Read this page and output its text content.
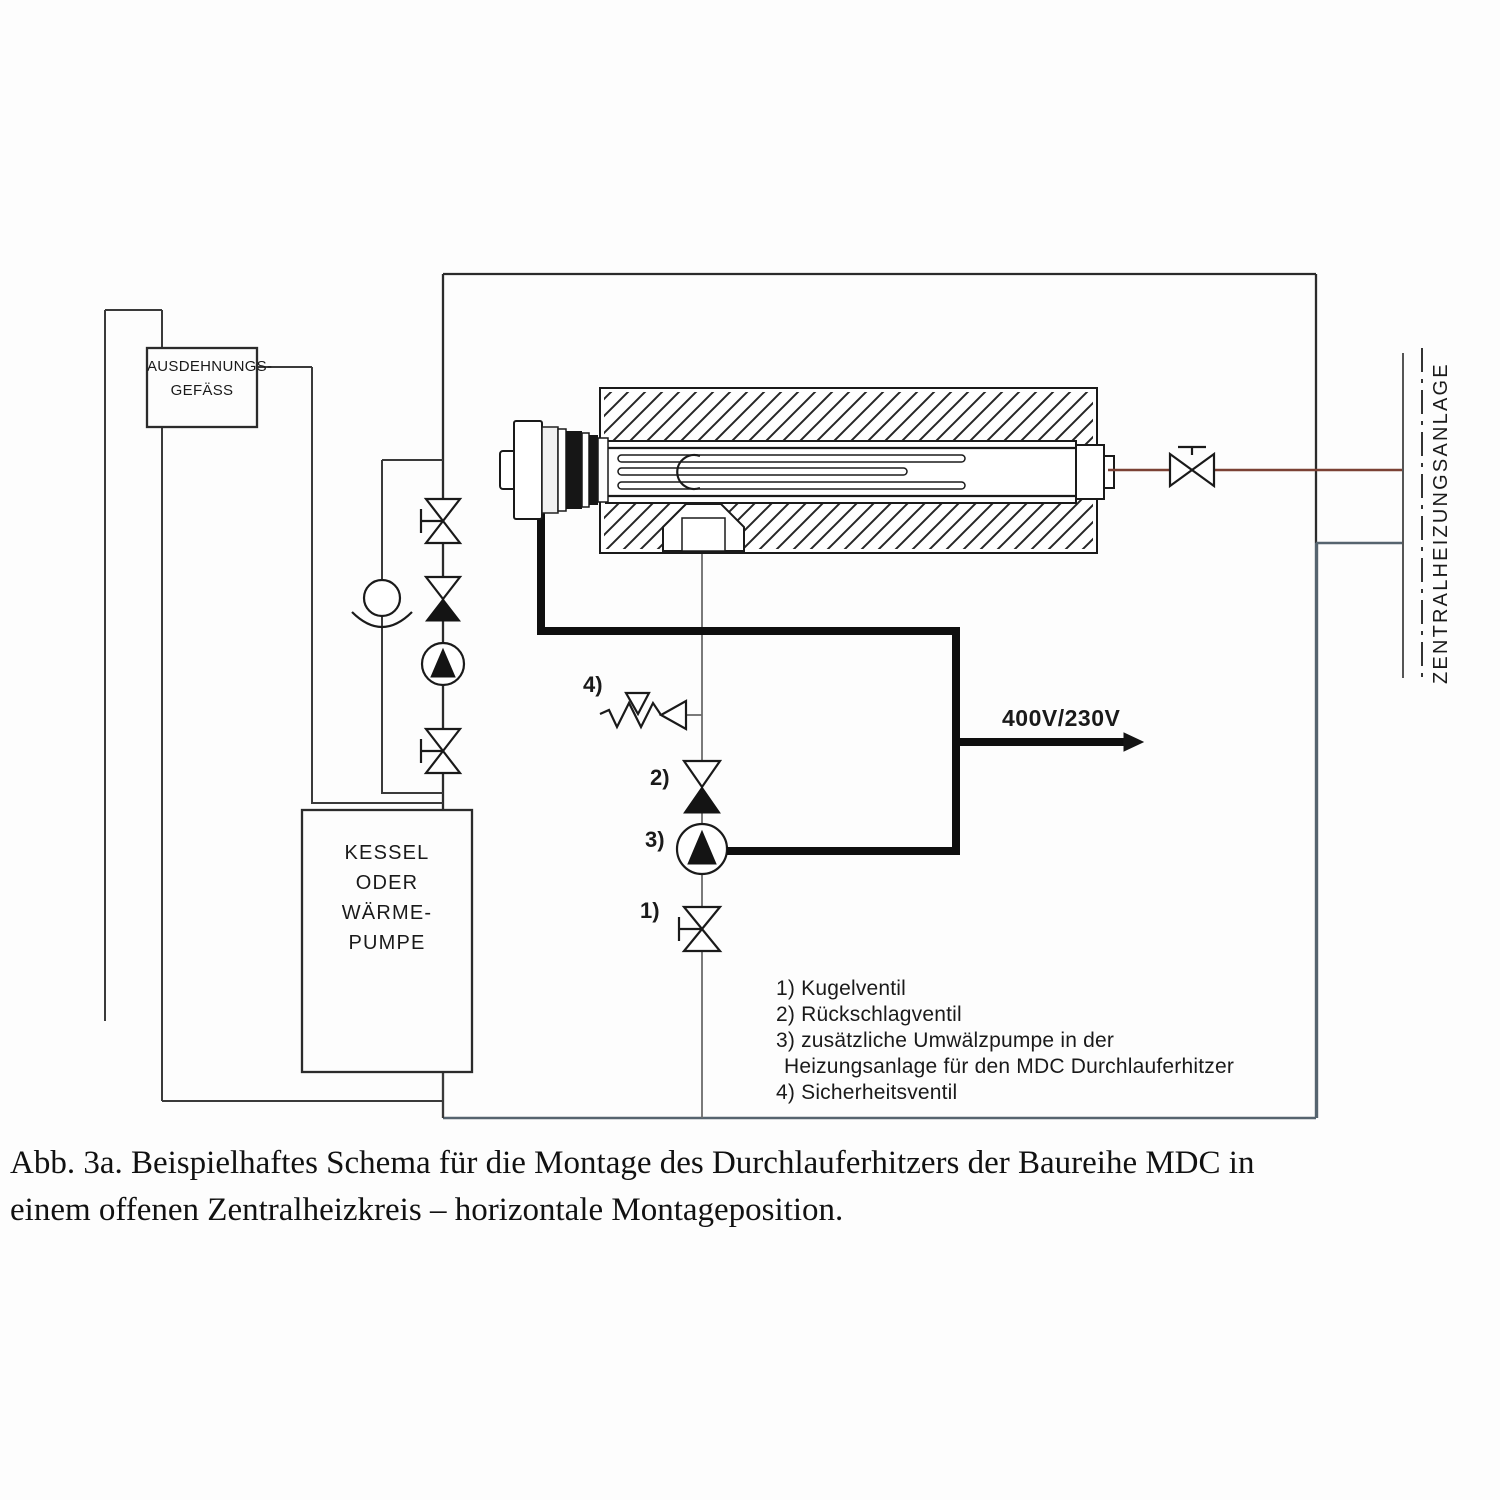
AUSDEHNUNGS-
GEFÄSS
KESSEL
ODER
WÄRME-
PUMPE
400V/230V
4)
2)
3)
1)
1) Kugelventil
2) Rückschlagventil
3) zusätzliche Umwälzpumpe in der
Heizungsanlage für den MDC Durchlauferhitzer
4) Sicherheitsventil
ZENTRALHEIZUNGSANLAGE
Abb. 3a. Beispielhaftes Schema für die Montage des Durchlauferhitzers der Baureihe MDC in
einem offenen Zentralheizkreis – horizontale Montageposition.
